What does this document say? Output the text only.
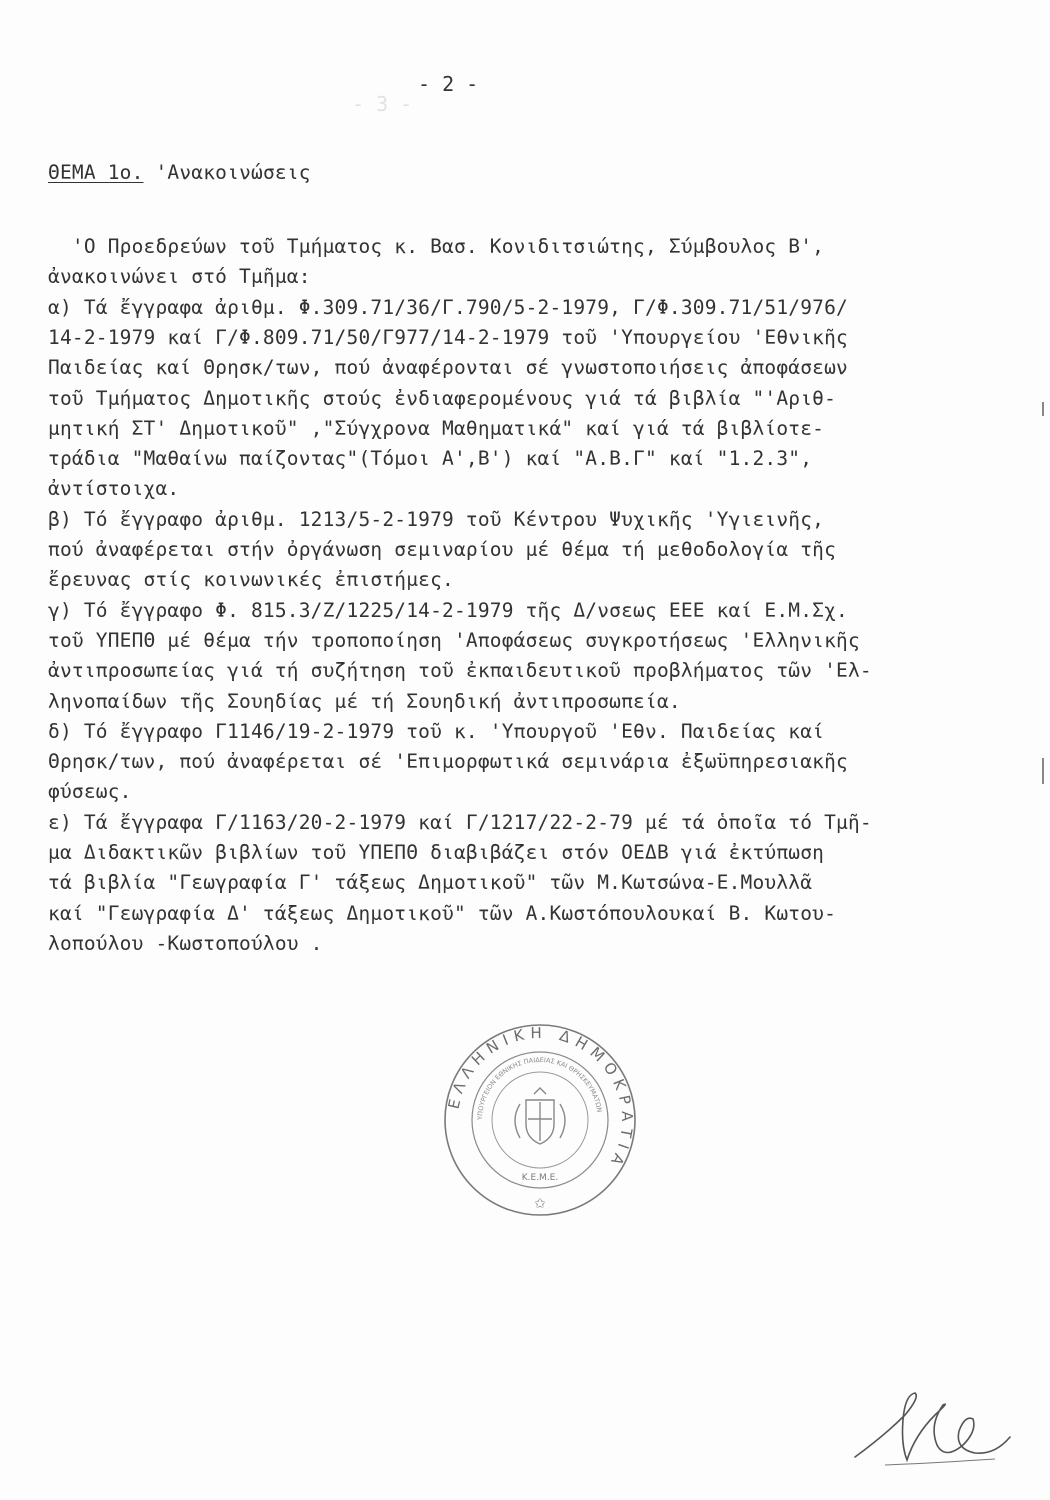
- 3 -
- 2 -
ΘΕΜΑ 1ο. 'Ανακοινώσεις
'Ο Προεδρεύων τοῦ Τμήματος κ. Βασ. Κονιδιτσιώτης, Σύμβουλος Β',
ἀνακοινώνει στό Τμῆμα:
α) Τά ἔγγραφα ἀριθμ. Φ.309.71/36/Γ.790/5-2-1979, Γ/Φ.309.71/51/976/
14-2-1979 καί Γ/Φ.809.71/50/Γ977/14-2-1979 τοῦ 'Υπουργείου 'Εθνικῆς
Παιδείας καί Θρησκ/των, πού ἀναφέρονται σέ γνωστοποιήσεις ἀποφάσεων
τοῦ Τμήματος Δημοτικῆς στούς ἐνδιαφερομένους γιά τά βιβλία "'Αριθ-
μητική ΣΤ' Δημοτικοῦ" ,"Σύγχρονα Μαθηματικά" καί γιά τά βιβλίοτε-
τράδια "Μαθαίνω παίζοντας"(Τόμοι Α',Β') καί "Α.Β.Γ" καί "1.2.3",
ἀντίστοιχα.
β) Τό ἔγγραφο ἀριθμ. 1213/5-2-1979 τοῦ Κέντρου Ψυχικῆς 'Υγιεινῆς,
πού ἀναφέρεται στήν ὀργάνωση σεμιναρίου μέ θέμα τή μεθοδολογία τῆς
ἔρευνας στίς κοινωνικές ἐπιστήμες.
γ) Τό ἔγγραφο Φ. 815.3/Ζ/1225/14-2-1979 τῆς Δ/νσεως ΕΕΕ καί Ε.Μ.Σχ.
τοῦ ΥΠΕΠΘ μέ θέμα τήν τροποποίηση 'Αποφάσεως συγκροτήσεως 'Ελληνικῆς
ἀντιπροσωπείας γιά τή συζήτηση τοῦ ἐκπαιδευτικοῦ προβλήματος τῶν 'Ελ-
ληνοπαίδων τῆς Σουηδίας μέ τή Σουηδική ἀντιπροσωπεία.
δ) Τό ἔγγραφο Γ1146/19-2-1979 τοῦ κ. 'Υπουργοῦ 'Εθν. Παιδείας καί
Θρησκ/των, πού ἀναφέρεται σέ 'Επιμορφωτικά σεμινάρια ἐξωϋπηρεσιακῆς
φύσεως.
ε) Τά ἔγγραφα Γ/1163/20-2-1979 καί Γ/1217/22-2-79 μέ τά ὁποῖα τό Τμῆ-
μα Διδακτικῶν βιβλίων τοῦ ΥΠΕΠΘ διαβιβάζει στόν ΟΕΔΒ γιά ἐκτύπωση
τά βιβλία "Γεωγραφία Γ' τάξεως Δημοτικοῦ" τῶν Μ.Κωτσώνα-Ε.Μουλλᾶ
καί "Γεωγραφία Δ' τάξεως Δημοτικοῦ" τῶν Α.Κωστόπουλουκαί Β. Κωτου-
λοπούλου -Κωστοπούλου .
ΕΛΛΗΝΙΚΗ ΔΗΜΟΚΡΑΤΙΑ
ΥΠΟΥΡΓΕΙΟΝ ΕΘΝΙΚΗΣ ΠΑΙΔΕΙΑΣ ΚΑΙ ΘΡΗΣΚΕΥΜΑΤΩΝ
Κ.Ε.Μ.Ε.
✩
